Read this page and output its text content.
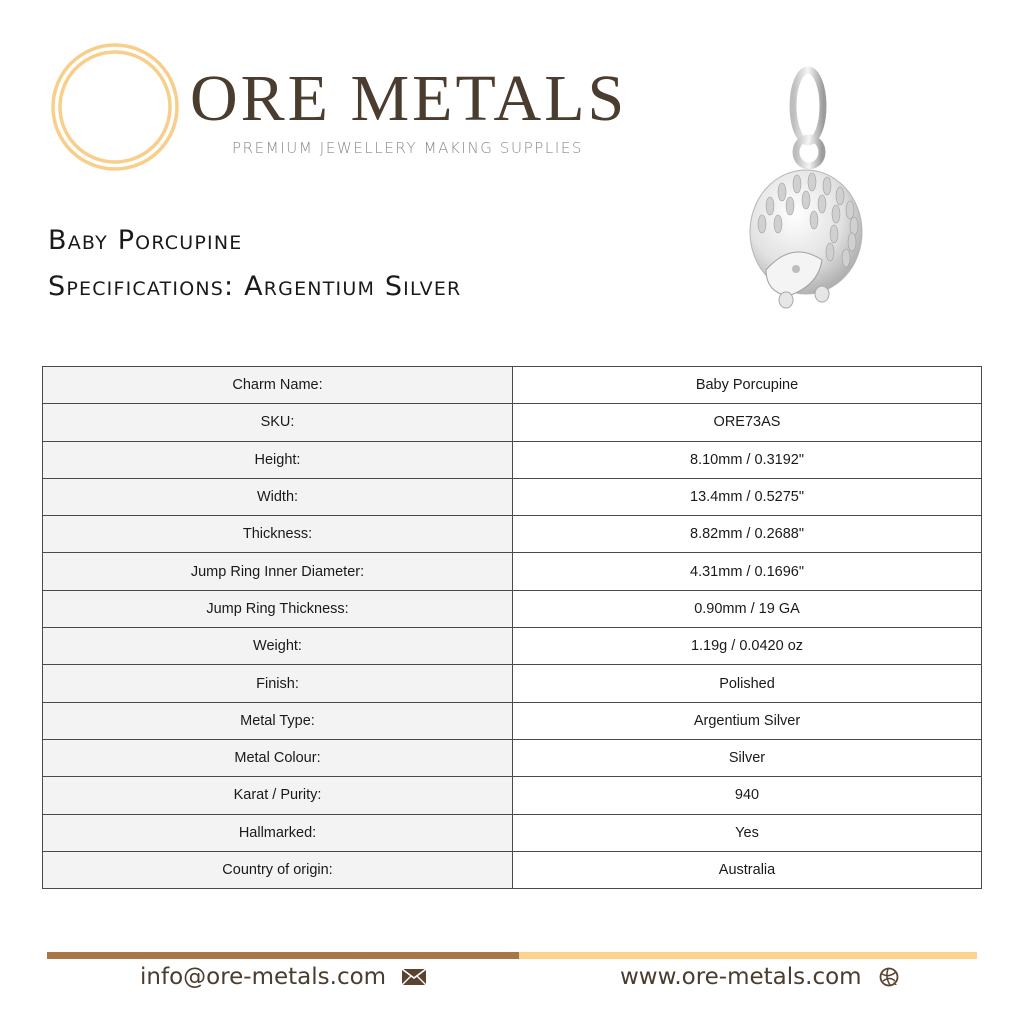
ORE METALS
PREMIUM JEWELLERY MAKING SUPPLIES
Baby Porcupine
Specifications: Argentium Silver
Charm Name:	Baby Porcupine
SKU:	ORE73AS
Height:	8.10mm / 0.3192"
Width:	13.4mm / 0.5275"
Thickness:	8.82mm / 0.2688"
Jump Ring Inner Diameter:	4.31mm / 0.1696"
Jump Ring Thickness:	0.90mm / 19 GA
Weight:	1.19g / 0.0420 oz
Finish:	Polished
Metal Type:	Argentium Silver
Metal Colour:	Silver
Karat / Purity:	940
Hallmarked:	Yes
Country of origin:	Australia
info@ore-metals.com	www.ore-metals.com
